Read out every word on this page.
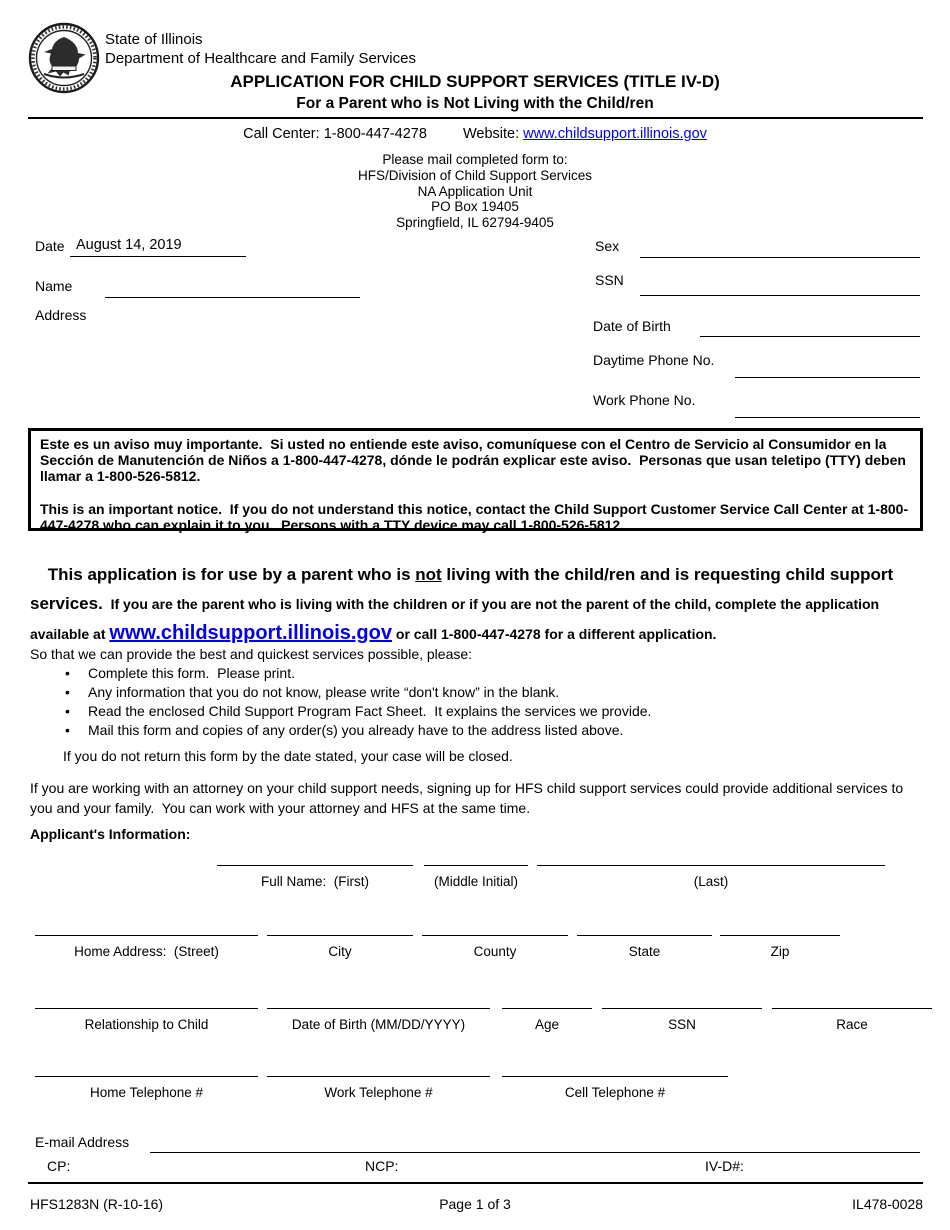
State of Illinois
Department of Healthcare and Family Services
APPLICATION FOR CHILD SUPPORT SERVICES (TITLE IV-D)
For a Parent who is Not Living with the Child/ren
Call Center: 1-800-447-4278 Website: www.childsupport.illinois.gov
Please mail completed form to:
HFS/Division of Child Support Services
NA Application Unit
PO Box 19405
Springfield, IL 62794-9405
Date August 14, 2019
Name
Address
Sex
SSN
Date of Birth
Daytime Phone No.
Work Phone No.
Este es un aviso muy importante.  Si usted no entiende este aviso, comuníquese con el Centro de Servicio al Consumidor en la Sección de Manutención de Niños a 1-800-447-4278, dónde le podrán explicar este aviso.  Personas que usan teletipo (TTY) deben llamar a 1-800-526-5812.
This is an important notice.  If you do not understand this notice, contact the Child Support Customer Service Call Center at 1-800-447-4278 who can explain it to you.  Persons with a TTY device may call 1-800-526-5812.

This application is for use by a parent who is not living with the child/ren and is requesting child support services.  If you are the parent who is living with the children or if you are not the parent of the child, complete the application available at www.childsupport.illinois.gov or call 1-800-447-4278 for a different application.

So that we can provide the best and quickest services possible, please:
• Complete this form.  Please print.
• Any information that you do not know, please write “don't know” in the blank.
• Read the enclosed Child Support Program Fact Sheet.  It explains the services we provide.
• Mail this form and copies of any order(s) you already have to the address listed above.
If you do not return this form by the date stated, your case will be closed.
If you are working with an attorney on your child support needs, signing up for HFS child support services could provide additional services to you and your family.  You can work with your attorney and HFS at the same time.
Applicant's Information:
Full Name:  (First)	(Middle Initial)	(Last)
Home Address:  (Street)	City	County	State	Zip
Relationship to Child	Date of Birth (MM/DD/YYYY)	Age	SSN	Race
Home Telephone #	Work Telephone #	Cell Telephone #
E-mail Address
CP:	NCP:	IV-D#:
HFS1283N (R-10-16)	Page 1 of 3	IL478-0028
